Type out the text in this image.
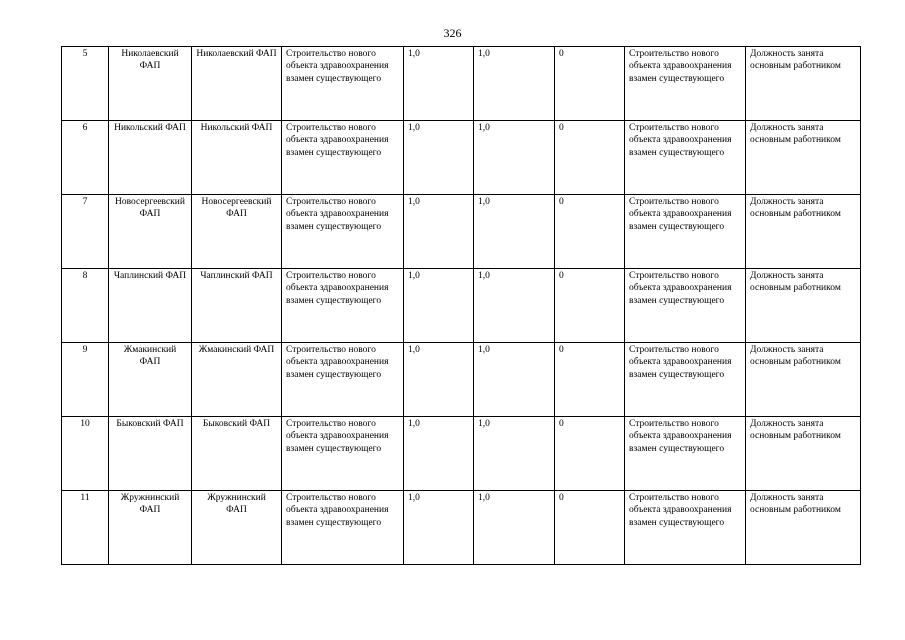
326
5	Николаевский ФАП	Николаевский ФАП	Строительство нового объекта здравоохранения взамен существующего	1,0	1,0	0	Строительство нового объекта здравоохранения взамен существующего	Должность занята основным работником
6	Никольский ФАП	Никольский ФАП	Строительство нового объекта здравоохранения взамен существующего	1,0	1,0	0	Строительство нового объекта здравоохранения взамен существующего	Должность занята основным работником
7	Новосергеевский ФАП	Новосергеевский ФАП	Строительство нового объекта здравоохранения взамен существующего	1,0	1,0	0	Строительство нового объекта здравоохранения взамен существующего	Должность занята основным работником
8	Чаплинский ФАП	Чаплинский ФАП	Строительство нового объекта здравоохранения взамен существующего	1,0	1,0	0	Строительство нового объекта здравоохранения взамен существующего	Должность занята основным работником
9	Жмакинский ФАП	Жмакинский ФАП	Строительство нового объекта здравоохранения взамен существующего	1,0	1,0	0	Строительство нового объекта здравоохранения взамен существующего	Должность занята основным работником
10	Быковский ФАП	Быковский ФАП	Строительство нового объекта здравоохранения взамен существующего	1,0	1,0	0	Строительство нового объекта здравоохранения взамен существующего	Должность занята основным работником
11	Жружнинский ФАП	Жружнинский ФАП	Строительство нового объекта здравоохранения взамен существующего	1,0	1,0	0	Строительство нового объекта здравоохранения взамен существующего	Должность занята основным работником
